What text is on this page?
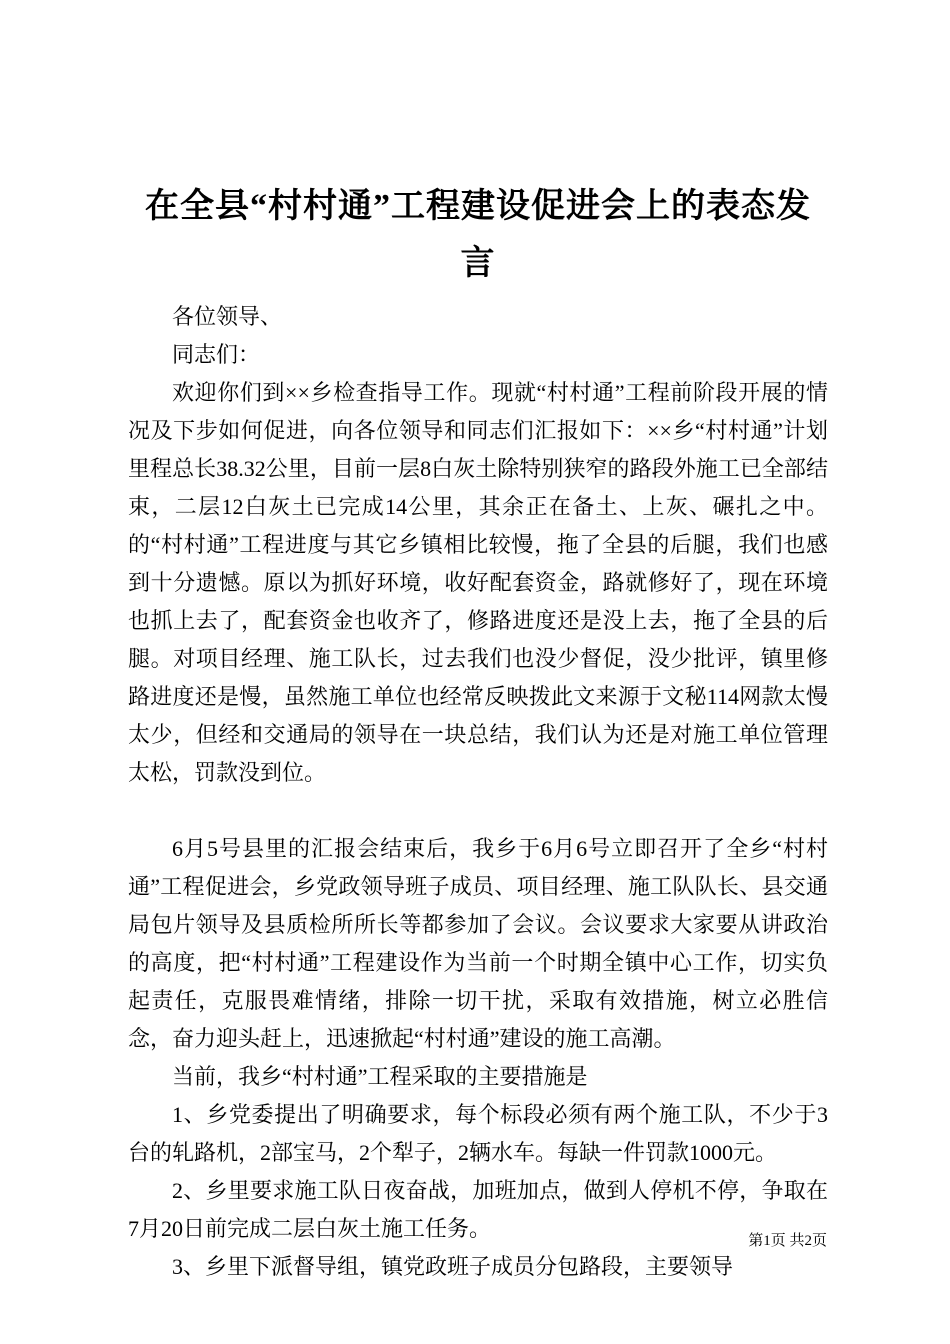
在全县“村村通”工程建设促进会上的表态发言

各位领导、

同志们：

欢迎你们到××乡检查指导工作。现就“村村通”工程前阶段开展的情况及下步如何促进，向各位领导和同志们汇报如下：××乡“村村通”计划里程总长38.32公里，目前一层8白灰土除特别狭窄的路段外施工已全部结束，二层12白灰土已完成14公里，其余正在备土、上灰、碾扎之中。的“村村通”工程进度与其它乡镇相比较慢，拖了全县的后腿，我们也感到十分遗憾。原以为抓好环境，收好配套资金，路就修好了，现在环境也抓上去了，配套资金也收齐了，修路进度还是没上去，拖了全县的后腿。对项目经理、施工队长，过去我们也没少督促，没少批评，镇里修路进度还是慢，虽然施工单位也经常反映拨此文来源于文秘114网款太慢太少，但经和交通局的领导在一块总结，我们认为还是对施工单位管理太松，罚款没到位。

6月5号县里的汇报会结束后，我乡于6月6号立即召开了全乡“村村通”工程促进会，乡党政领导班子成员、项目经理、施工队队长、县交通局包片领导及县质检所所长等都参加了会议。会议要求大家要从讲政治的高度，把“村村通”工程建设作为当前一个时期全镇中心工作，切实负起责任，克服畏难情绪，排除一切干扰，采取有效措施，树立必胜信念，奋力迎头赶上，迅速掀起“村村通”建设的施工高潮。

当前，我乡“村村通”工程采取的主要措施是

1、乡党委提出了明确要求，每个标段必须有两个施工队，不少于3台的轧路机，2部宝马，2个犁子，2辆水车。每缺一件罚款1000元。

2、乡里要求施工队日夜奋战，加班加点，做到人停机不停，争取在7月20日前完成二层白灰土施工任务。

3、乡里下派督导组，镇党政班子成员分包路段，主要领导

第1页 共2页
